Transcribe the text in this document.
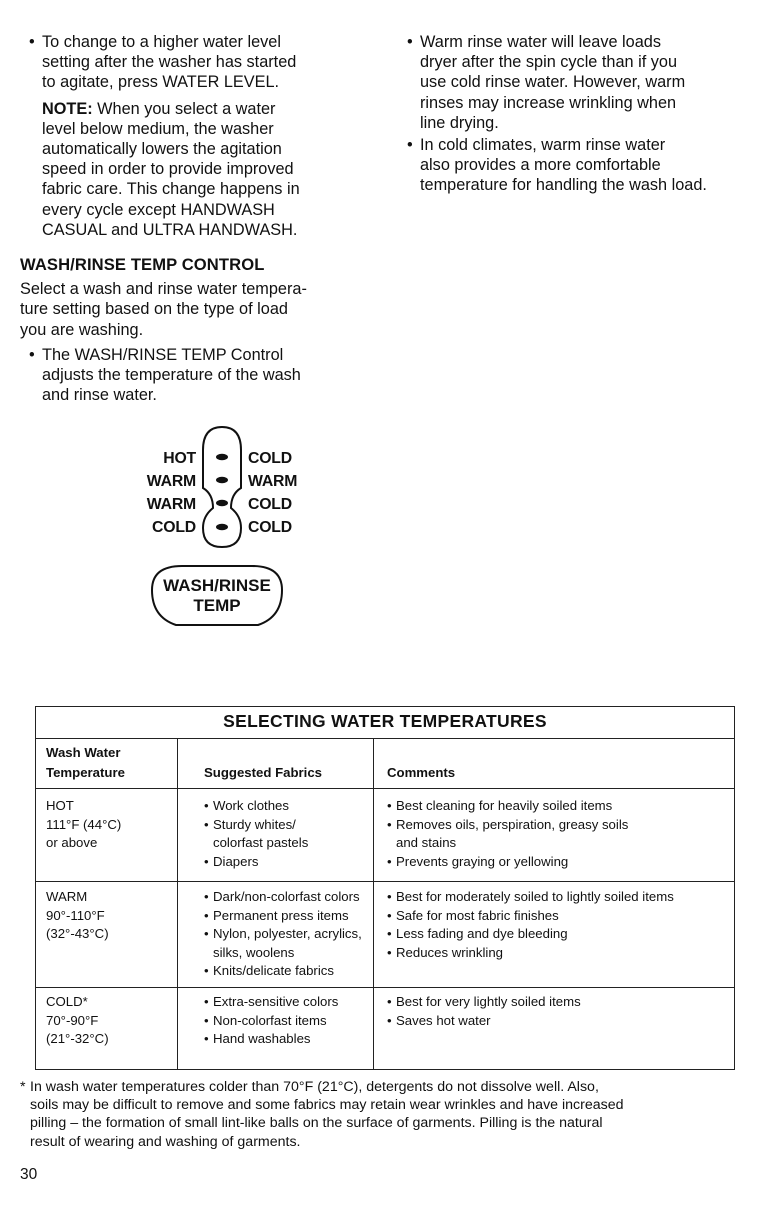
• To change to a higher water level
setting after the washer has started
to agitate, press WATER LEVEL.
NOTE: When you select a water
level below medium, the washer
automatically lowers the agitation
speed in order to provide improved
fabric care. This change happens in
every cycle except HANDWASH
CASUAL and ULTRA HANDWASH.
WASH/RINSE TEMP CONTROL
Select a wash and rinse water tempera-
ture setting based on the type of load
you are washing.
• The WASH/RINSE TEMP Control
adjusts the temperature of the wash
and rinse water.
• Warm rinse water will leave loads
dryer after the spin cycle than if you
use cold rinse water. However, warm
rinses may increase wrinkling when
line drying.
• In cold climates, warm rinse water
also provides a more comfortable
temperature for handling the wash load.
HOT
WARM
WARM
COLD
COLD
WARM
COLD
COLD
WASH/RINSE
TEMP
SELECTING WATER TEMPERATURES
Wash Water
Temperature	Suggested Fabrics	Comments
HOT
111°F (44°C)
or above
• Work clothes
• Sturdy whites/
colorfast pastels
• Diapers
• Best cleaning for heavily soiled items
• Removes oils, perspiration, greasy soils
and stains
• Prevents graying or yellowing
WARM
90°-110°F
(32°-43°C)
• Dark/non-colorfast colors
• Permanent press items
• Nylon, polyester, acrylics,
silks, woolens
• Knits/delicate fabrics
• Best for moderately soiled to lightly soiled items
• Safe for most fabric finishes
• Less fading and dye bleeding
• Reduces wrinkling
COLD*
70°-90°F
(21°-32°C)
• Extra-sensitive colors
• Non-colorfast items
• Hand washables
• Best for very lightly soiled items
• Saves hot water
* In wash water temperatures colder than 70°F (21°C), detergents do not dissolve well. Also,
soils may be difficult to remove and some fabrics may retain wear wrinkles and have increased
pilling – the formation of small lint-like balls on the surface of garments. Pilling is the natural
result of wearing and washing of garments.
30
